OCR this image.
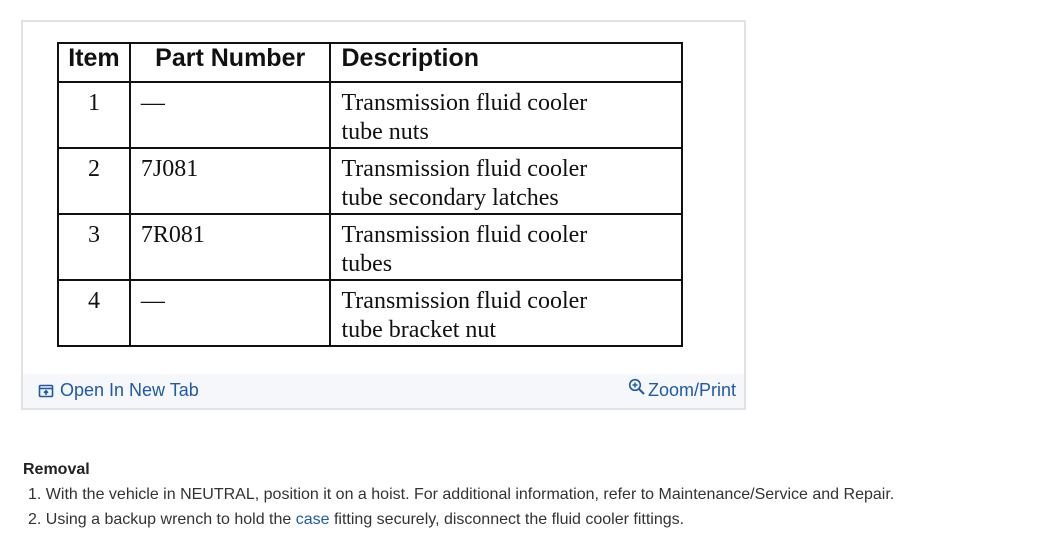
Item	Part Number	Description
1	—	Transmission fluid cooler
tube nuts

2	7J081	Transmission fluid cooler
tube secondary latches

3	7R081	Transmission fluid cooler
tubes

4	—	Transmission fluid cooler
tube bracket nut
Open In New Tab	Zoom/Print
Removal
1. With the vehicle in NEUTRAL, position it on a hoist. For additional information, refer to Maintenance/Service and Repair.
2. Using a backup wrench to hold the case fitting securely, disconnect the fluid cooler fittings.
